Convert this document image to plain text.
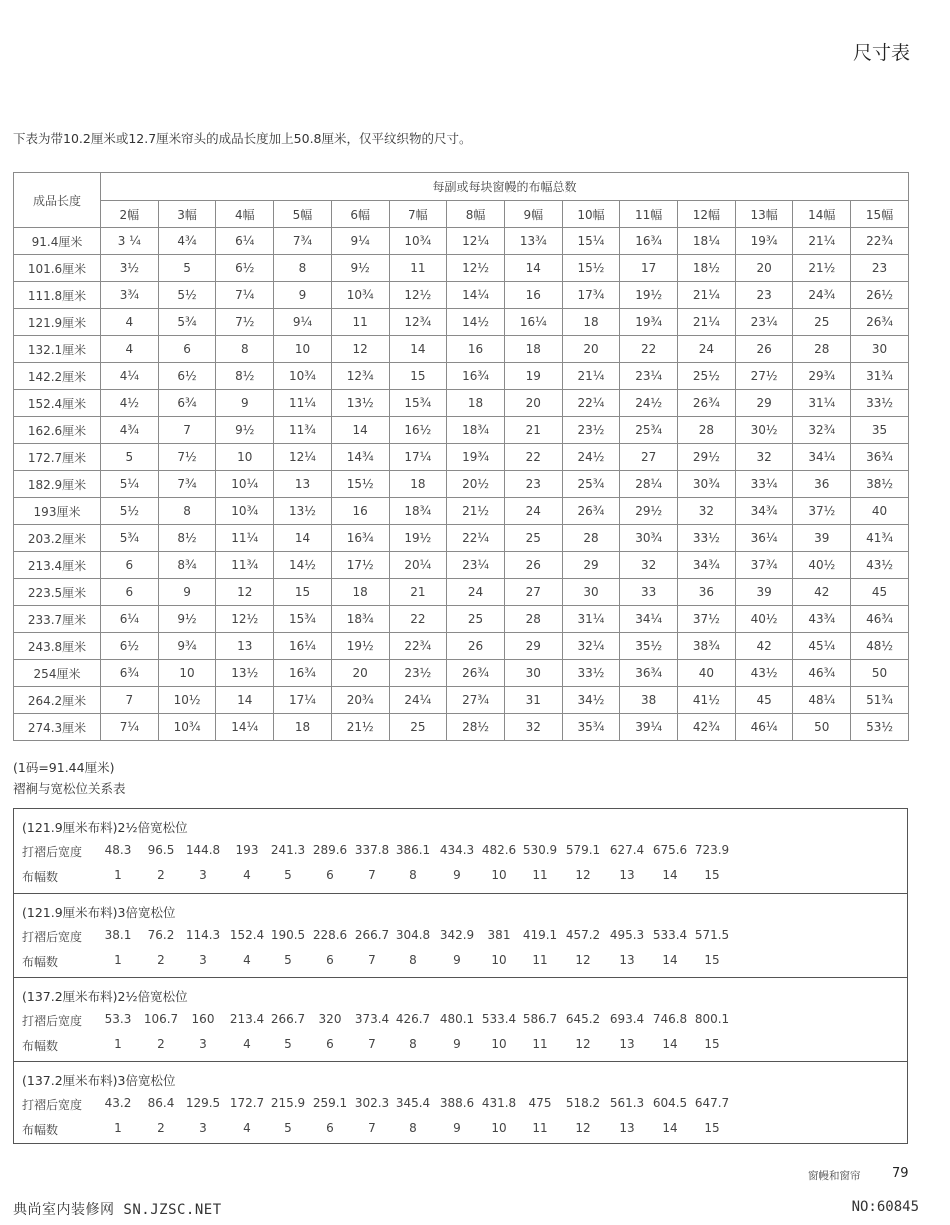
尺寸表
下表为带10.2厘米或12.7厘米帘头的成品长度加上50.8厘米，仅平纹织物的尺寸。
成品长度	每副或每块窗幔的布幅总数													
	2幅	3幅	4幅	5幅	6幅	7幅	8幅	9幅	10幅	11幅	12幅	13幅	14幅	15幅
91.4厘米	3 ¼	4¾	6¼	7¾	9¼	10¾	12¼	13¾	15¼	16¾	18¼	19¾	21¼	22¾
101.6厘米	3½	5	6½	8	9½	11	12½	14	15½	17	18½	20	21½	23
111.8厘米	3¾	5½	7¼	9	10¾	12½	14¼	16	17¾	19½	21¼	23	24¾	26½
121.9厘米	4	5¾	7½	9¼	11	12¾	14½	16¼	18	19¾	21¼	23¼	25	26¾
132.1厘米	4	6	8	10	12	14	16	18	20	22	24	26	28	30
142.2厘米	4¼	6½	8½	10¾	12¾	15	16¾	19	21¼	23¼	25½	27½	29¾	31¾
152.4厘米	4½	6¾	9	11¼	13½	15¾	18	20	22¼	24½	26¾	29	31¼	33½
162.6厘米	4¾	7	9½	11¾	14	16½	18¾	21	23½	25¾	28	30½	32¾	35
172.7厘米	5	7½	10	12¼	14¾	17¼	19¾	22	24½	27	29½	32	34¼	36¾
182.9厘米	5¼	7¾	10¼	13	15½	18	20½	23	25¾	28¼	30¾	33¼	36	38½
193厘米	5½	8	10¾	13½	16	18¾	21½	24	26¾	29½	32	34¾	37½	40
203.2厘米	5¾	8½	11¼	14	16¾	19½	22¼	25	28	30¾	33½	36¼	39	41¾
213.4厘米	6	8¾	11¾	14½	17½	20¼	23¼	26	29	32	34¾	37¾	40½	43½
223.5厘米	6	9	12	15	18	21	24	27	30	33	36	39	42	45
233.7厘米	6¼	9½	12½	15¾	18¾	22	25	28	31¼	34¼	37½	40½	43¾	46¾
243.8厘米	6½	9¾	13	16¼	19½	22¾	26	29	32¼	35½	38¾	42	45¼	48½
254厘米	6¾	10	13½	16¾	20	23½	26¾	30	33½	36¾	40	43½	46¾	50
264.2厘米	7	10½	14	17¼	20¾	24¼	27¾	31	34½	38	41½	45	48¼	51¾
274.3厘米	7¼	10¾	14¼	18	21½	25	28½	32	35¾	39¼	42¾	46¼	50	53½
(1码=91.44厘米)
褶裥与宽松位关系表
(121.9厘米布料)2½倍宽松位
打褶后宽度 48.3 96.5 144.8 193 241.3 289.6 337.8 386.1 434.3 482.6 530.9 579.1 627.4 675.6 723.9
布幅数	1	2	3	4	5	6	7	8	9	10 11 12 13 14 15
(121.9厘米布料)3倍宽松位
打褶后宽度 38.1 76.2 114.3 152.4 190.5 228.6 266.7 304.8 342.9 381 419.1 457.2 495.3 533.4 571.5
布幅数	1	2	3	4	5	6	7	8	9	10 11 12 13 14 15
(137.2厘米布料)2½倍宽松位
打褶后宽度 53.3 106.7 160 213.4 266.7 320 373.4 426.7 480.1 533.4 586.7 645.2 693.4 746.8 800.1
布幅数	1	2	3	4	5	6	7	8	9	10 11 12 13 14 15
(137.2厘米布料)3倍宽松位
打褶后宽度 43.2 86.4 129.5 172.7 215.9 259.1 302.3 345.4 388.6 431.8 475 518.2 561.3 604.5 647.7
布幅数	1	2	3	4	5	6	7	8	9	10 11 12 13 14 15
窗幔和窗帘 79
典尚室内装修网 SN.JZSC.NET	NO:60845
